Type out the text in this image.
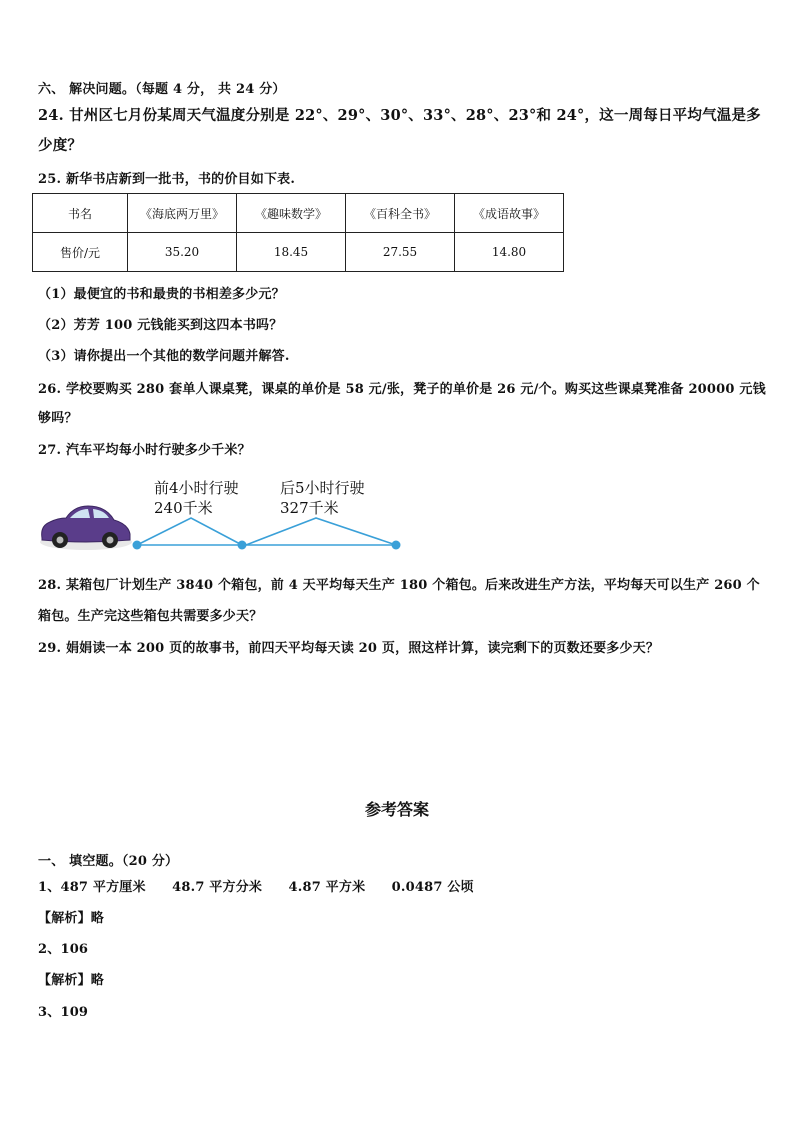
六、 解决问题。（每题 4 分， 共 24 分）
24. 甘州区七月份某周天气温度分别是 22°、29°、30°、33°、28°、23°和 24°，这一周每日平均气温是多
少度？
25. 新华书店新到一批书，书的价目如下表.
书名	《海底两万里》	《趣味数学》	《百科全书》	《成语故事》
售价/元	35.20	18.45	27.55	14.80
（1）最便宜的书和最贵的书相差多少元？
（2）芳芳 100 元钱能买到这四本书吗？
（3）请你提出一个其他的数学问题并解答.
26. 学校要购买 280 套单人课桌凳，课桌的单价是 58 元/张，凳子的单价是 26 元/个。购买这些课桌凳准备 20000 元钱
够吗？
27. 汽车平均每小时行驶多少千米？
前4小时行驶
240千米
后5小时行驶
327千米
28. 某箱包厂计划生产 3840 个箱包，前 4 天平均每天生产 180 个箱包。后来改进生产方法，平均每天可以生产 260 个
箱包。生产完这些箱包共需要多少天？
29. 娟娟读一本 200 页的故事书，前四天平均每天读 20 页，照这样计算，读完剩下的页数还要多少天？
参考答案
一、 填空题。（20 分）
1、487 平方厘米　　48.7 平方分米　　4.87 平方米　　0.0487 公顷
【解析】略
2、106
【解析】略
3、109
